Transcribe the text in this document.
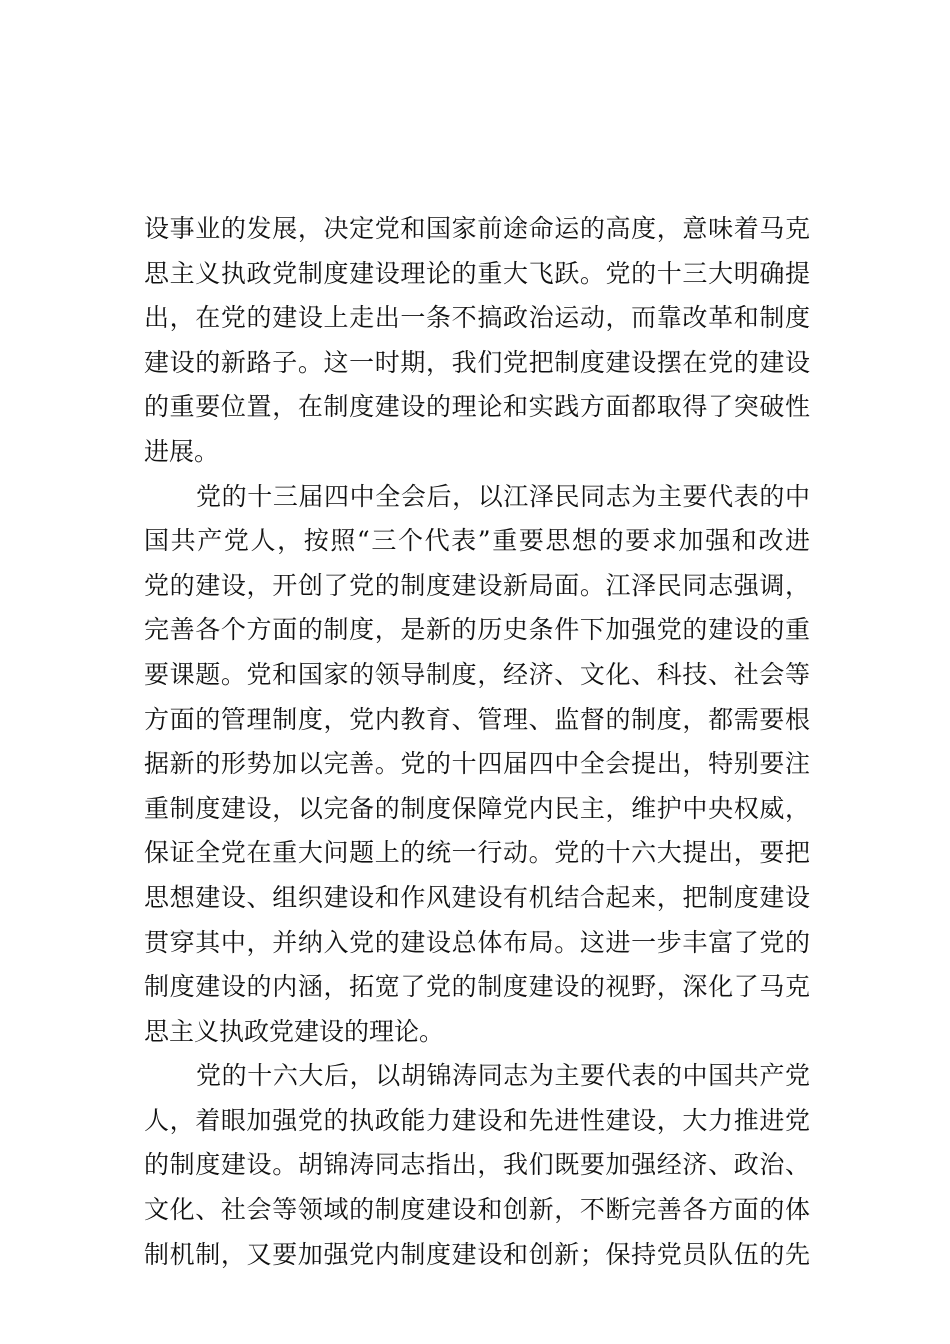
设事业的发展，决定党和国家前途命运的高度，意味着马克
思主义执政党制度建设理论的重大飞跃。党的十三大明确提
出，在党的建设上走出一条不搞政治运动，而靠改革和制度
建设的新路子。这一时期，我们党把制度建设摆在党的建设
的重要位置，在制度建设的理论和实践方面都取得了突破性
进展。
党的十三届四中全会后，以江泽民同志为主要代表的中
国共产党人，按照“三个代表”重要思想的要求加强和改进
党的建设，开创了党的制度建设新局面。江泽民同志强调，
完善各个方面的制度，是新的历史条件下加强党的建设的重
要课题。党和国家的领导制度，经济、文化、科技、社会等
方面的管理制度，党内教育、管理、监督的制度，都需要根
据新的形势加以完善。党的十四届四中全会提出，特别要注
重制度建设，以完备的制度保障党内民主，维护中央权威，
保证全党在重大问题上的统一行动。党的十六大提出，要把
思想建设、组织建设和作风建设有机结合起来，把制度建设
贯穿其中，并纳入党的建设总体布局。这进一步丰富了党的
制度建设的内涵，拓宽了党的制度建设的视野，深化了马克
思主义执政党建设的理论。
党的十六大后，以胡锦涛同志为主要代表的中国共产党
人，着眼加强党的执政能力建设和先进性建设，大力推进党
的制度建设。胡锦涛同志指出，我们既要加强经济、政治、
文化、社会等领域的制度建设和创新，不断完善各方面的体
制机制，又要加强党内制度建设和创新；保持党员队伍的先
